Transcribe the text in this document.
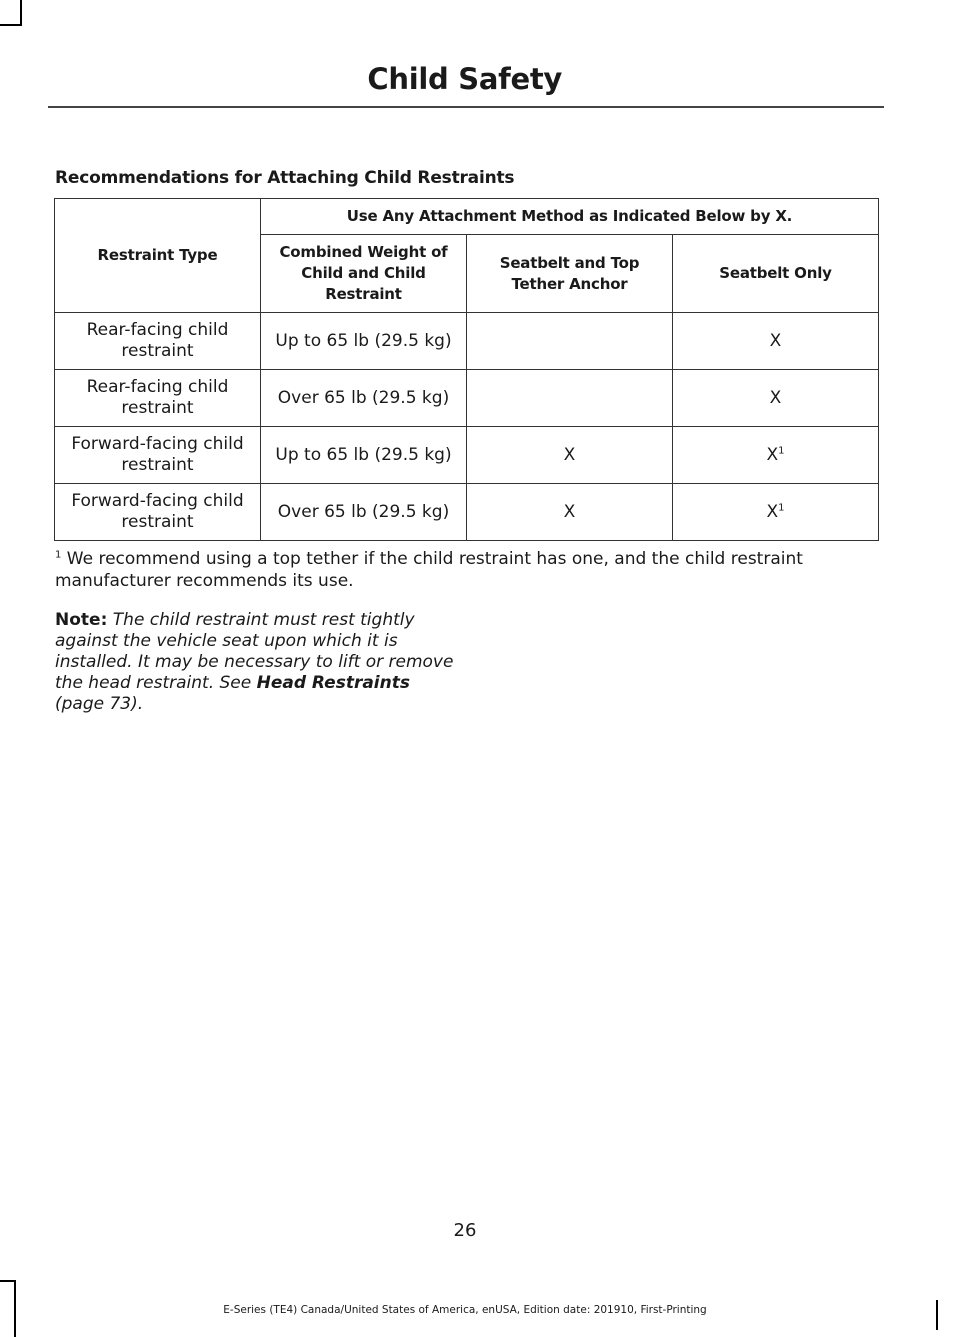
Child Safety
Recommendations for Attaching Child Restraints
Restraint Type	Use Any Attachment Method as Indicated Below by X.		
	Combined Weight of Child and Child Restraint	Seatbelt and Top Tether Anchor	Seatbelt Only
Rear-facing child restraint	Up to 65 lb (29.5 kg)		X
Rear-facing child restraint	Over 65 lb (29.5 kg)		X
Forward-facing child restraint	Up to 65 lb (29.5 kg)	X	$X^1$
Forward-facing child restraint	Over 65 lb (29.5 kg)	X	$X^1$
$^1$ We recommend using a top tether if the child restraint has one, and the child restraint manufacturer recommends its use.
Note: The child restraint must rest tightly against the vehicle seat upon which it is installed. It may be necessary to lift or remove the head restraint. See Head Restraints (page 73).
26
E-Series (TE4) Canada/United States of America, enUSA, Edition date: 201910, First-Printing
